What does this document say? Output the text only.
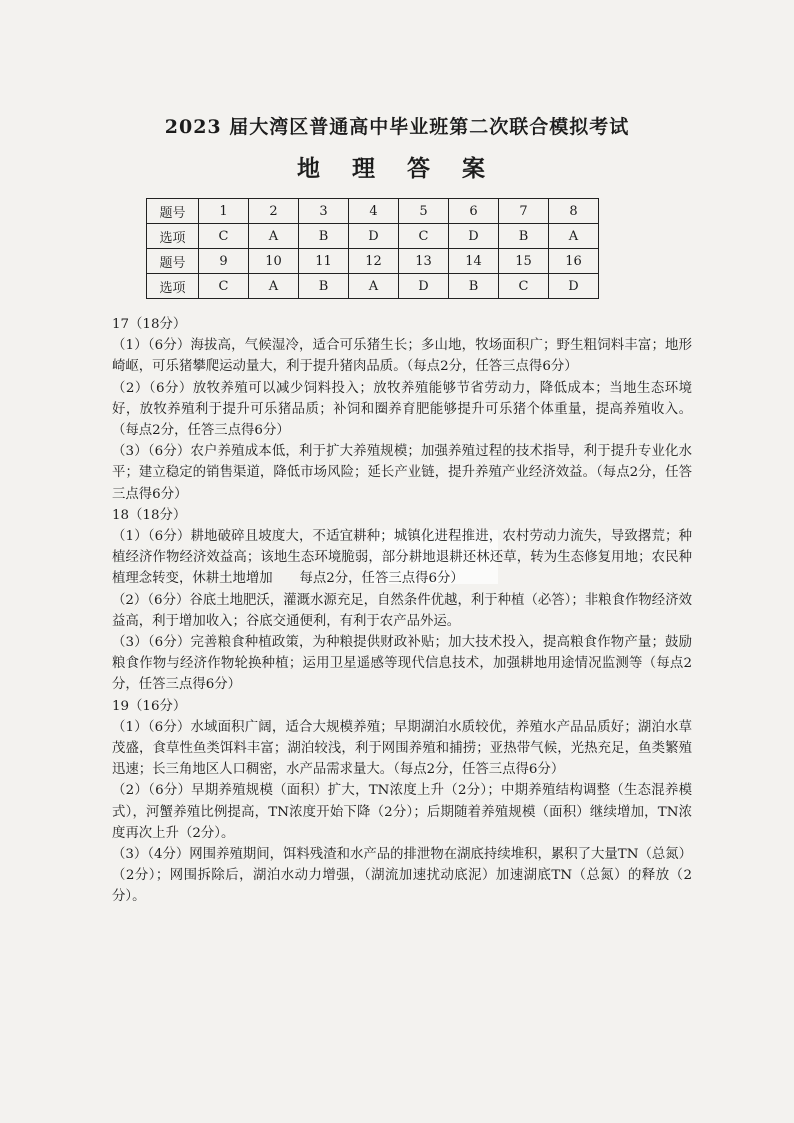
2023 届大湾区普通高中毕业班第二次联合模拟考试
地 理 答 案
题号	1	2	3	4	5	6	7	8
选项	C	A	B	D	C	D	B	A
题号	9	10	11	12	13	14	15	16
选项	C	A	B	A	D	B	C	D

17（18分）

（1）（6分）海拔高，气候湿冷，适合可乐猪生长；多山地，牧场面积广；野生粗饲料丰富；地形崎岖，可乐猪攀爬运动量大，利于提升猪肉品质。（每点2分，任答三点得6分）

（2）（6分）放牧养殖可以减少饲料投入；放牧养殖能够节省劳动力，降低成本；当地生态环境好，放牧养殖利于提升可乐猪品质；补饲和圈养育肥能够提升可乐猪个体重量，提高养殖收入。（每点2分，任答三点得6分）

（3）（6分）农户养殖成本低，利于扩大养殖规模；加强养殖过程的技术指导，利于提升专业化水平；建立稳定的销售渠道，降低市场风险；延长产业链，提升养殖产业经济效益。（每点2分，任答三点得6分）

18（18分）

（1）（6分）耕地破碎且坡度大，不适宜耕种；城镇化进程推进，农村劳动力流失，导致撂荒；种植经济作物经济效益高；该地生态环境脆弱，部分耕地退耕还林还草，转为生态修复用地；农民种植理念转变，休耕土地增加　　每点2分，任答三点得6分）

（2）（6分）谷底土地肥沃，灌溉水源充足，自然条件优越，利于种植（必答）；非粮食作物经济效益高，利于增加收入；谷底交通便利，有利于农产品外运。

（3）（6分）完善粮食种植政策，为种粮提供财政补贴；加大技术投入，提高粮食作物产量；鼓励粮食作物与经济作物轮换种植；运用卫星遥感等现代信息技术，加强耕地用途情况监测等（每点2分，任答三点得6分）

19（16分）

（1）（6分）水域面积广阔，适合大规模养殖；早期湖泊水质较优，养殖水产品品质好；湖泊水草茂盛，食草性鱼类饵料丰富；湖泊较浅，利于网围养殖和捕捞；亚热带气候，光热充足，鱼类繁殖迅速；长三角地区人口稠密，水产品需求量大。（每点2分，任答三点得6分）

（2）（6分）早期养殖规模（面积）扩大，TN浓度上升（2分）；中期养殖结构调整（生态混养模式），河蟹养殖比例提高，TN浓度开始下降（2分）；后期随着养殖规模（面积）继续增加，TN浓度再次上升（2分）。

（3）（4分）网围养殖期间，饵料残渣和水产品的排泄物在湖底持续堆积，累积了大量TN（总氮）（2分）；网围拆除后，湖泊水动力增强，（湖流加速扰动底泥）加速湖底TN（总氮）的释放（2分）。
